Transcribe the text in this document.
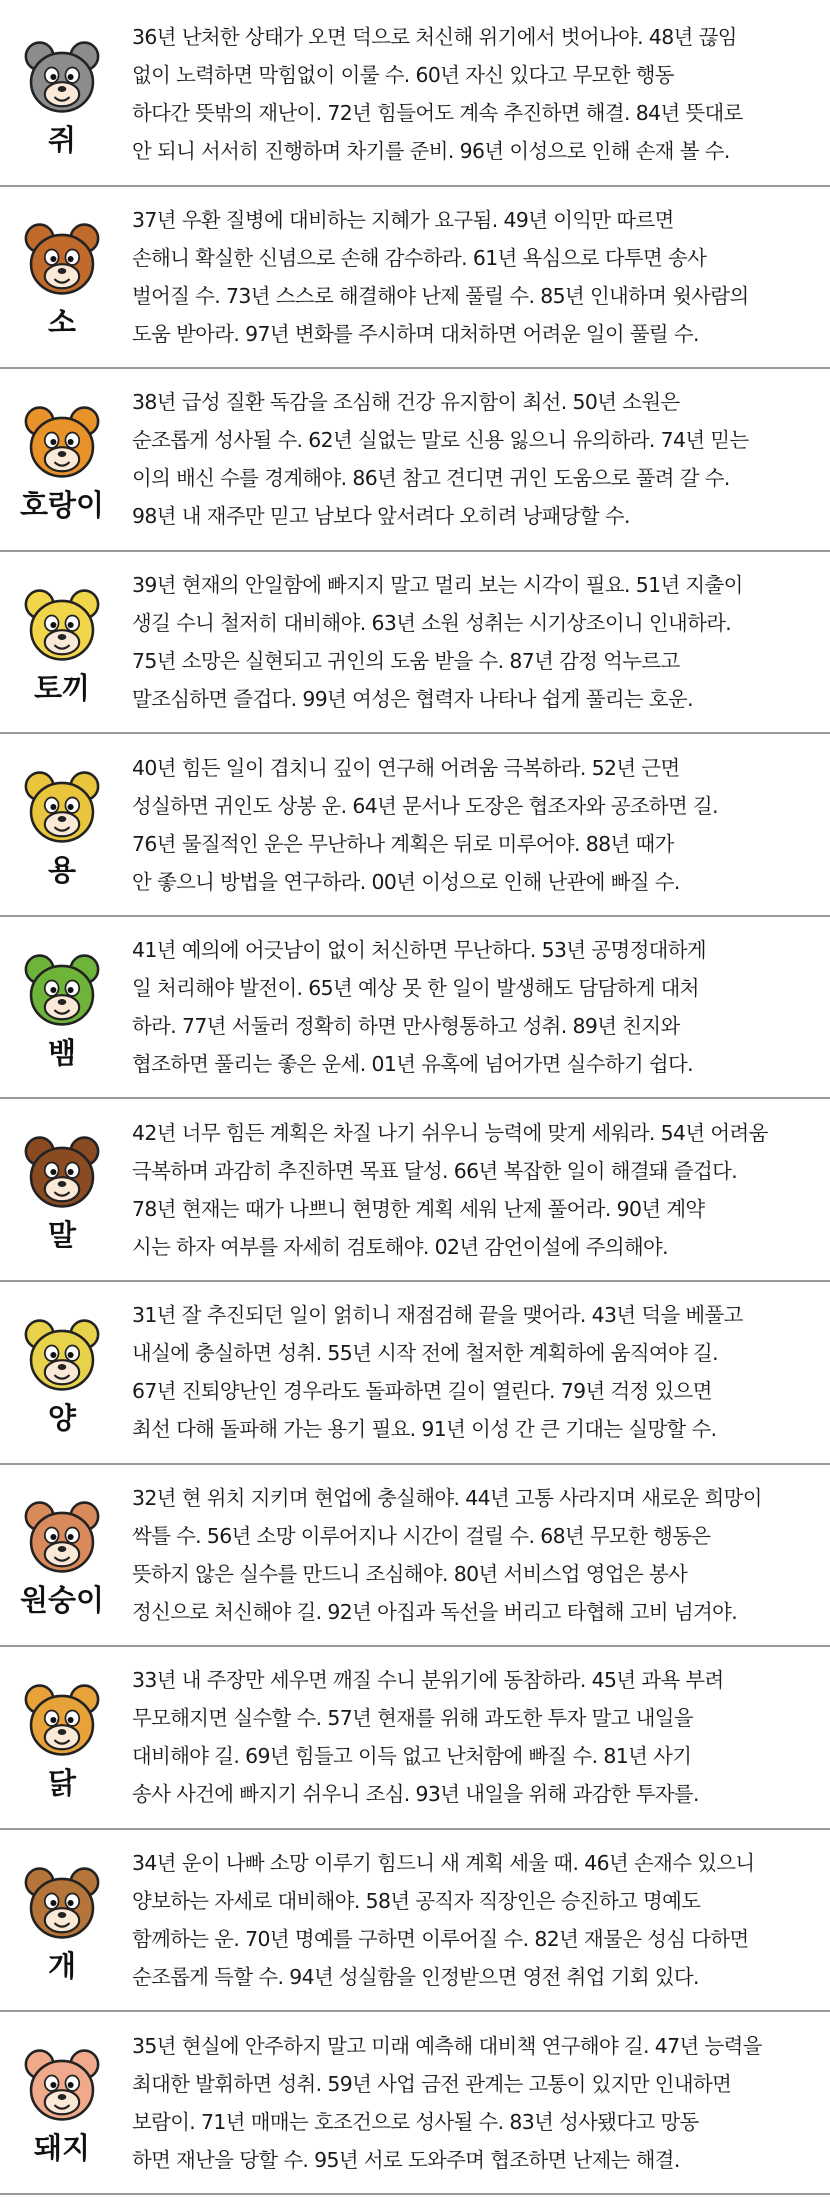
쥐
36년 난처한 상태가 오면 덕으로 처신해 위기에서 벗어나야. 48년 끊임
없이 노력하면 막힘없이 이룰 수. 60년 자신 있다고 무모한 행동
하다간 뜻밖의 재난이. 72년 힘들어도 계속 추진하면 해결. 84년 뜻대로
안 되니 서서히 진행하며 차기를 준비. 96년 이성으로 인해 손재 볼 수.
소
37년 우환 질병에 대비하는 지혜가 요구됨. 49년 이익만 따르면
손해니 확실한 신념으로 손해 감수하라. 61년 욕심으로 다투면 송사
벌어질 수. 73년 스스로 해결해야 난제 풀릴 수. 85년 인내하며 윗사람의
도움 받아라. 97년 변화를 주시하며 대처하면 어려운 일이 풀릴 수.
호랑이
38년 급성 질환 독감을 조심해 건강 유지함이 최선. 50년 소원은
순조롭게 성사될 수. 62년 실없는 말로 신용 잃으니 유의하라. 74년 믿는
이의 배신 수를 경계해야. 86년 참고 견디면 귀인 도움으로 풀려 갈 수.
98년 내 재주만 믿고 남보다 앞서려다 오히려 낭패당할 수.
토끼
39년 현재의 안일함에 빠지지 말고 멀리 보는 시각이 필요. 51년 지출이
생길 수니 철저히 대비해야. 63년 소원 성취는 시기상조이니 인내하라.
75년 소망은 실현되고 귀인의 도움 받을 수. 87년 감정 억누르고
말조심하면 즐겁다. 99년 여성은 협력자 나타나 쉽게 풀리는 호운.
용
40년 힘든 일이 겹치니 깊이 연구해 어려움 극복하라. 52년 근면
성실하면 귀인도 상봉 운. 64년 문서나 도장은 협조자와 공조하면 길.
76년 물질적인 운은 무난하나 계획은 뒤로 미루어야. 88년 때가
안 좋으니 방법을 연구하라. 00년 이성으로 인해 난관에 빠질 수.
뱀
41년 예의에 어긋남이 없이 처신하면 무난하다. 53년 공명정대하게
일 처리해야 발전이. 65년 예상 못 한 일이 발생해도 담담하게 대처
하라. 77년 서둘러 정확히 하면 만사형통하고 성취. 89년 친지와
협조하면 풀리는 좋은 운세. 01년 유혹에 넘어가면 실수하기 쉽다.
말
42년 너무 힘든 계획은 차질 나기 쉬우니 능력에 맞게 세워라. 54년 어려움
극복하며 과감히 추진하면 목표 달성. 66년 복잡한 일이 해결돼 즐겁다.
78년 현재는 때가 나쁘니 현명한 계획 세워 난제 풀어라. 90년 계약
시는 하자 여부를 자세히 검토해야. 02년 감언이설에 주의해야.
양
31년 잘 추진되던 일이 얽히니 재점검해 끝을 맺어라. 43년 덕을 베풀고
내실에 충실하면 성취. 55년 시작 전에 철저한 계획하에 움직여야 길.
67년 진퇴양난인 경우라도 돌파하면 길이 열린다. 79년 걱정 있으면
최선 다해 돌파해 가는 용기 필요. 91년 이성 간 큰 기대는 실망할 수.
원숭이
32년 현 위치 지키며 현업에 충실해야. 44년 고통 사라지며 새로운 희망이
싹틀 수. 56년 소망 이루어지나 시간이 걸릴 수. 68년 무모한 행동은
뜻하지 않은 실수를 만드니 조심해야. 80년 서비스업 영업은 봉사
정신으로 처신해야 길. 92년 아집과 독선을 버리고 타협해 고비 넘겨야.
닭
33년 내 주장만 세우면 깨질 수니 분위기에 동참하라. 45년 과욕 부려
무모해지면 실수할 수. 57년 현재를 위해 과도한 투자 말고 내일을
대비해야 길. 69년 힘들고 이득 없고 난처함에 빠질 수. 81년 사기
송사 사건에 빠지기 쉬우니 조심. 93년 내일을 위해 과감한 투자를.
개
34년 운이 나빠 소망 이루기 힘드니 새 계획 세울 때. 46년 손재수 있으니
양보하는 자세로 대비해야. 58년 공직자 직장인은 승진하고 명예도
함께하는 운. 70년 명예를 구하면 이루어질 수. 82년 재물은 성심 다하면
순조롭게 득할 수. 94년 성실함을 인정받으면 영전 취업 기회 있다.
돼지
35년 현실에 안주하지 말고 미래 예측해 대비책 연구해야 길. 47년 능력을
최대한 발휘하면 성취. 59년 사업 금전 관계는 고통이 있지만 인내하면
보람이. 71년 매매는 호조건으로 성사될 수. 83년 성사됐다고 망동
하면 재난을 당할 수. 95년 서로 도와주며 협조하면 난제는 해결.
